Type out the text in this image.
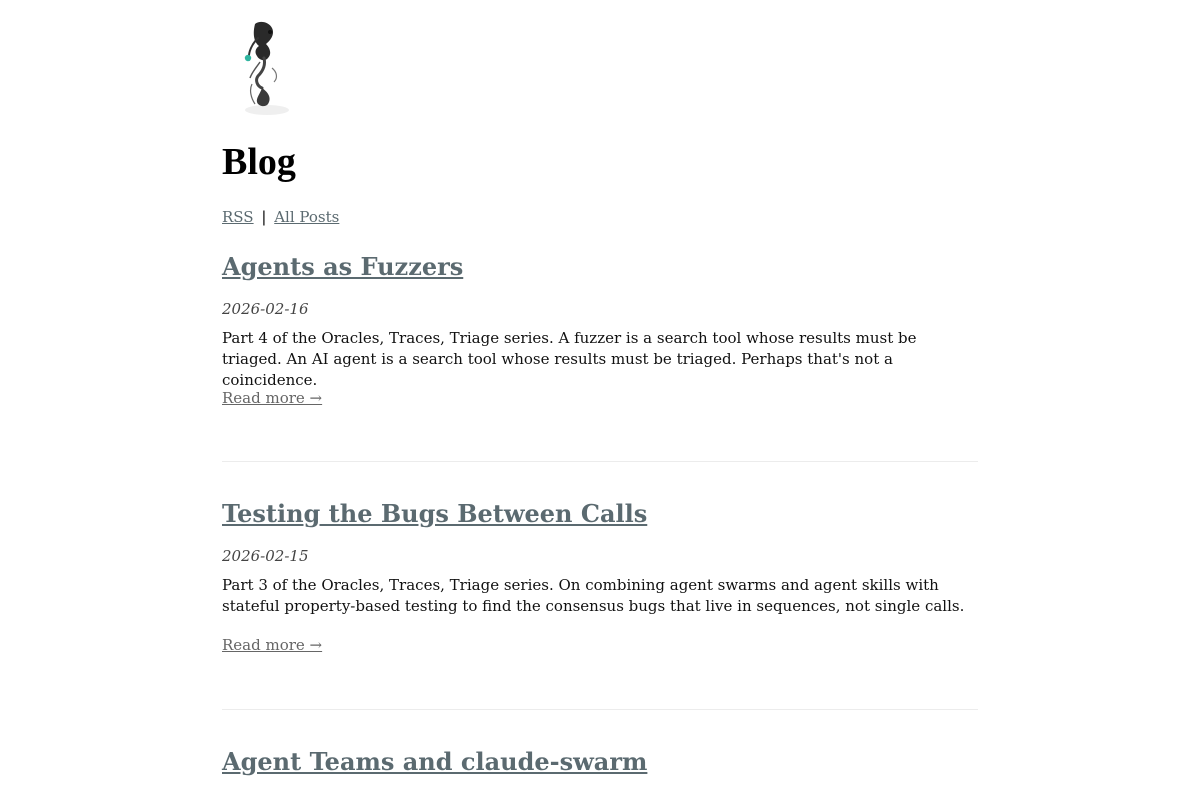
Blog
RSS | All Posts
Agents as Fuzzers
2026-02-16

Part 4 of the Oracles, Traces, Triage series. A fuzzer is a search tool whose results must be triaged. An AI agent is a search tool whose results must be triaged. Perhaps that's not a coincidence.

Read more →
Testing the Bugs Between Calls
2026-02-15

Part 3 of the Oracles, Traces, Triage series. On combining agent swarms and agent skills with stateful property-based testing to find the consensus bugs that live in sequences, not single calls.

Read more →
Agent Teams and claude-swarm
